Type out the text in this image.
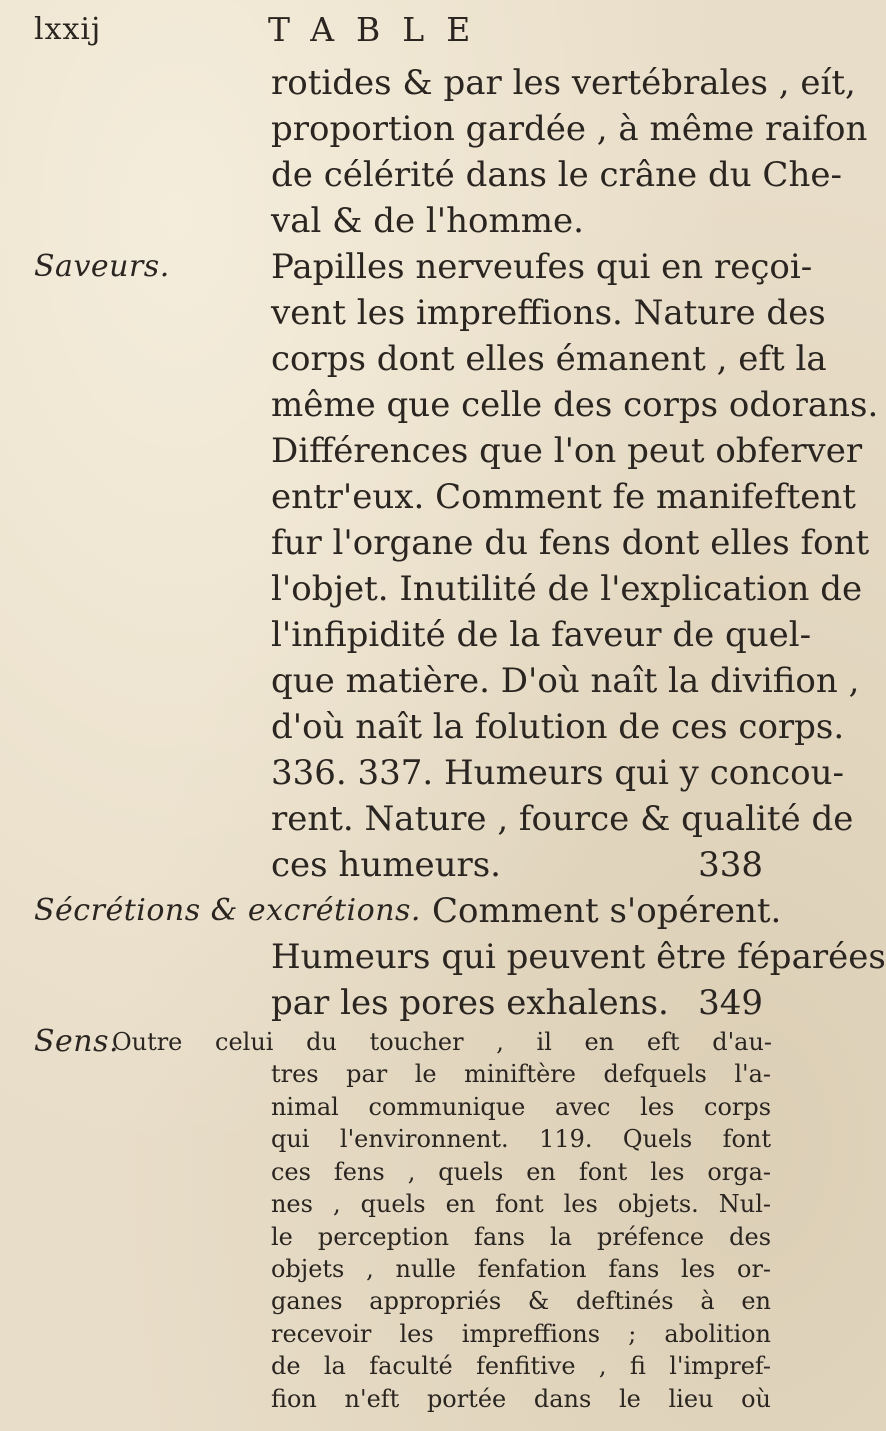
lxxij	TABLE
rotides & par les vertébrales , eít,
proportion gardée , à même raifon
de célérité dans le crâne du Che-
val & de l'homme.
Saveurs.	Papilles nerveufes qui en reçoi-
vent les impreffions. Nature des
corps dont elles émanent , eft la
même que celle des corps odorans.
Différences que l'on peut obferver
entr'eux. Comment fe manifeftent
fur l'organe du fens dont elles font
l'objet. Inutilité de l'explication de
l'infipidité de la faveur de quel-
que matière. D'où naît la divifion ,
d'où naît la folution de ces corps.
336. 337. Humeurs qui y concou-
rent. Nature , fource & qualité de
ces humeurs.	338
Sécrétions & excrétions. Comment s'opérent.
Humeurs qui peuvent être féparées
par les pores exhalens. 349
Sens.
Outre celui du toucher , il en eft d'au-
tres par le miniftère defquels l'a-
nimal communique avec les corps
qui l'environnent. 119. Quels font
ces fens , quels en font les orga-
nes , quels en font les objets. Nul-
le perception fans la préfence des
objets , nulle fenfation fans les or-
ganes appropriés & deftinés à en
recevoir les impreffions ; abolition
de la faculté fenfitive , fi l'impref-
fion n'eft portée dans le lieu où
